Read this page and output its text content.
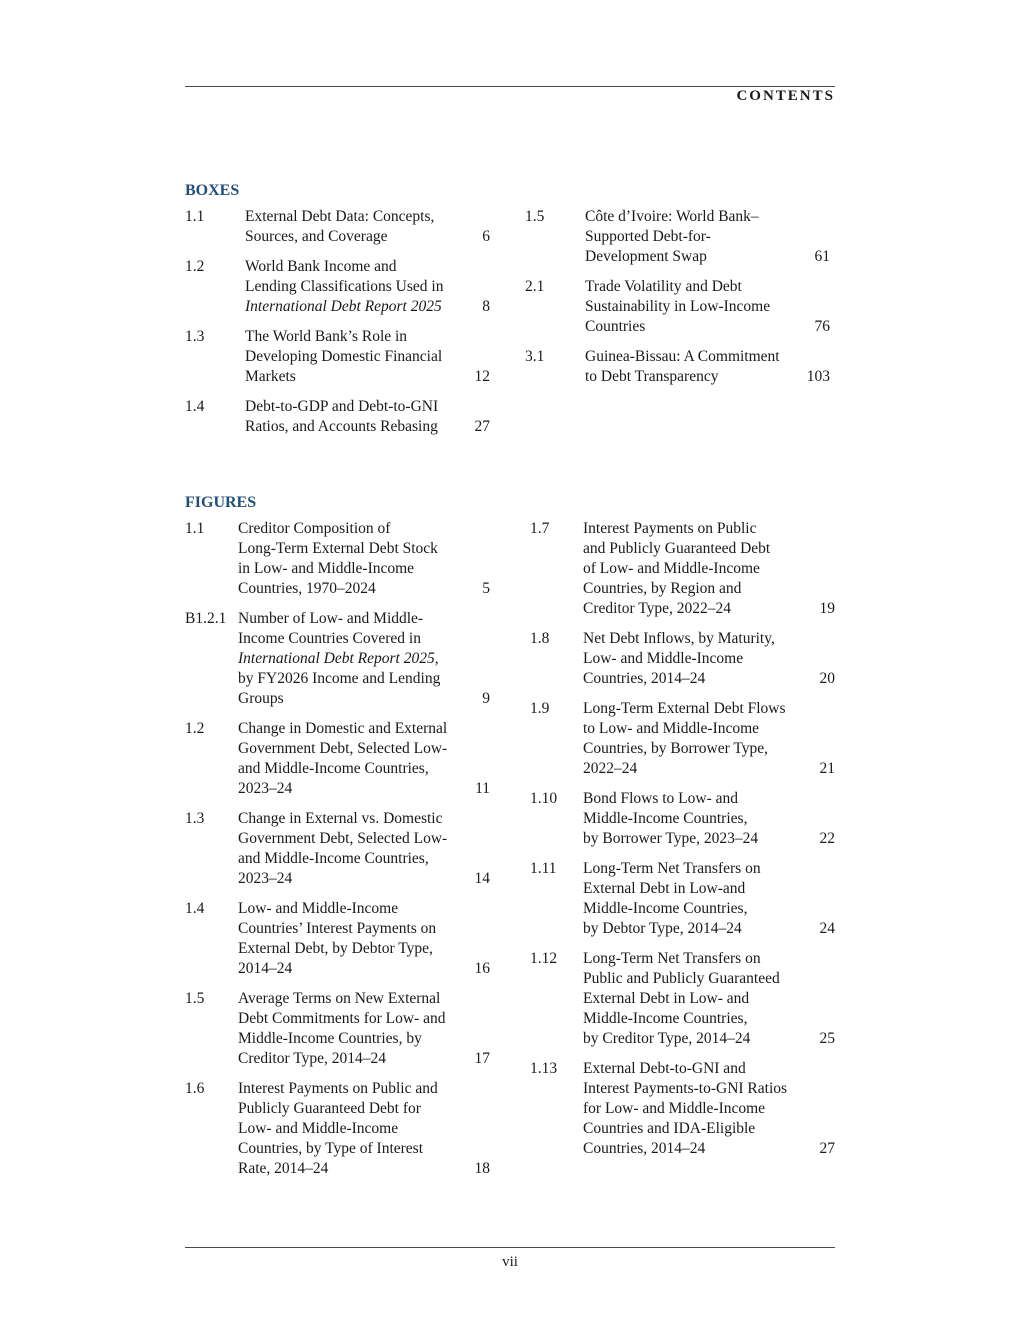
CONTENTS
BOXES
1.1	External Debt Data: Concepts,
Sources, and Coverage	6
1.2	World Bank Income and
Lending Classifications Used in
International Debt Report 2025	8
1.3	The World Bank’s Role in
Developing Domestic Financial
Markets	12
1.4	Debt-to-GDP and Debt-to-GNI
Ratios, and Accounts Rebasing 27
1.5	Côte d’Ivoire: World Bank–
Supported Debt-for-
Development Swap	61
2.1	Trade Volatility and Debt
Sustainability in Low-Income
Countries	76
3.1	Guinea-Bissau: A Commitment
to Debt Transparency	103
FIGURES
1.1 Creditor Composition of
Long-Term External Debt Stock
in Low- and Middle-Income
Countries, 1970–2024	5
B1.2.1 Number of Low- and Middle-
Income Countries Covered in
International Debt Report 2025,
by FY2026 Income and Lending
Groups	9
1.2 Change in Domestic and External
Government Debt, Selected Low-
and Middle-Income Countries,
2023–24	11
1.3 Change in External vs. Domestic
Government Debt, Selected Low-
and Middle-Income Countries,
2023–24	14
1.4 Low- and Middle-Income
Countries’ Interest Payments on
External Debt, by Debtor Type,
2014–24	16
1.5 Average Terms on New External
Debt Commitments for Low- and
Middle-Income Countries, by
Creditor Type, 2014–24	17
1.6 Interest Payments on Public and
Publicly Guaranteed Debt for
Low- and Middle-Income
Countries, by Type of Interest
Rate, 2014–24	18
1.7 Interest Payments on Public
and Publicly Guaranteed Debt
of Low- and Middle-Income
Countries, by Region and
Creditor Type, 2022–24	19
1.8 Net Debt Inflows, by Maturity,
Low- and Middle-Income
Countries, 2014–24	20
1.9 Long-Term External Debt Flows
to Low- and Middle-Income
Countries, by Borrower Type,
2022–24	21
1.10 Bond Flows to Low- and
Middle-Income Countries,
by Borrower Type, 2023–24	22
1.11 Long-Term Net Transfers on
External Debt in Low-and
Middle-Income Countries,
by Debtor Type, 2014–24	24
1.12 Long-Term Net Transfers on
Public and Publicly Guaranteed
External Debt in Low- and
Middle-Income Countries,
by Creditor Type, 2014–24	25
1.13 External Debt-to-GNI and
Interest Payments-to-GNI Ratios
for Low- and Middle-Income
Countries and IDA-Eligible
Countries, 2014–24	27
vii
